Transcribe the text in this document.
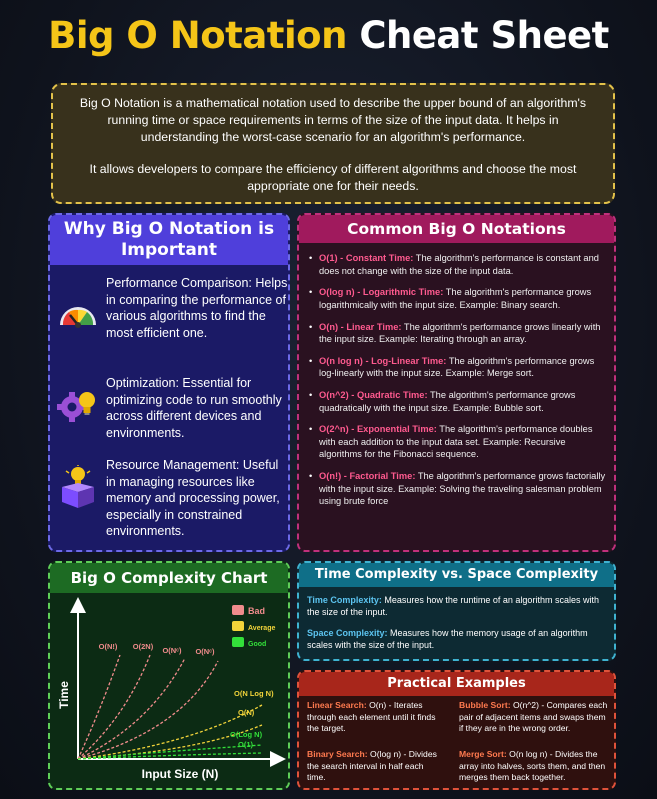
Big O Notation Cheat Sheet

Big O Notation is a mathematical notation used to describe the upper bound of an algorithm's running time or space requirements in terms of the size of the input data. It helps in understanding the worst-case scenario for an algorithm's performance.

It allows developers to compare the efficiency of different algorithms and choose the most appropriate one for their needs.

Why Big O Notation is Important
Performance Comparison: Helps in comparing the performance of various algorithms to find the most efficient one.
Optimization: Essential for optimizing code to run smoothly across different devices and environments.
Resource Management: Useful in managing resources like memory and processing power, especially in constrained environments.
Common Big O Notations
• O(1) - Constant Time: The algorithm's performance is constant and does not change with the size of the input data.
• O(log n) - Logarithmic Time: The algorithm's performance grows logarithmically with the input size. Example: Binary search.
• O(n) - Linear Time: The algorithm's performance grows linearly with the input size. Example: Iterating through an array.
• O(n log n) - Log-Linear Time: The algorithm's performance grows log-linearly with the input size. Example: Merge sort.
• O(n^2) - Quadratic Time: The algorithm's performance grows quadratically with the input size. Example: Bubble sort.
• O(2^n) - Exponential Time: The algorithm's performance doubles with each addition to the input data set. Example: Recursive algorithms for the Fibonacci sequence.
• O(n!) - Factorial Time: The algorithm's performance grows factorially with the input size. Example: Solving the traveling salesman problem using brute force
Big O Complexity Chart
Time
Input Size (N)
Bad
Average
Good
O(N!) O(2N) O(Nᶜ) O(Nᶜ)
O(N Log N)
O(N)
O(Log N)
O(1)
Time Complexity vs. Space Complexity

Time Complexity: Measures how the runtime of an algorithm scales with the size of the input.

Space Complexity: Measures how the memory usage of an algorithm scales with the size of the input.

Practical Examples
Linear Search: O(n) - Iterates through each element until it finds the target.
Bubble Sort: O(n^2) - Compares each pair of adjacent items and swaps them if they are in the wrong order.
Binary Search: O(log n) - Divides the search interval in half each time.
Merge Sort: O(n log n) - Divides the array into halves, sorts them, and then merges them back together.
